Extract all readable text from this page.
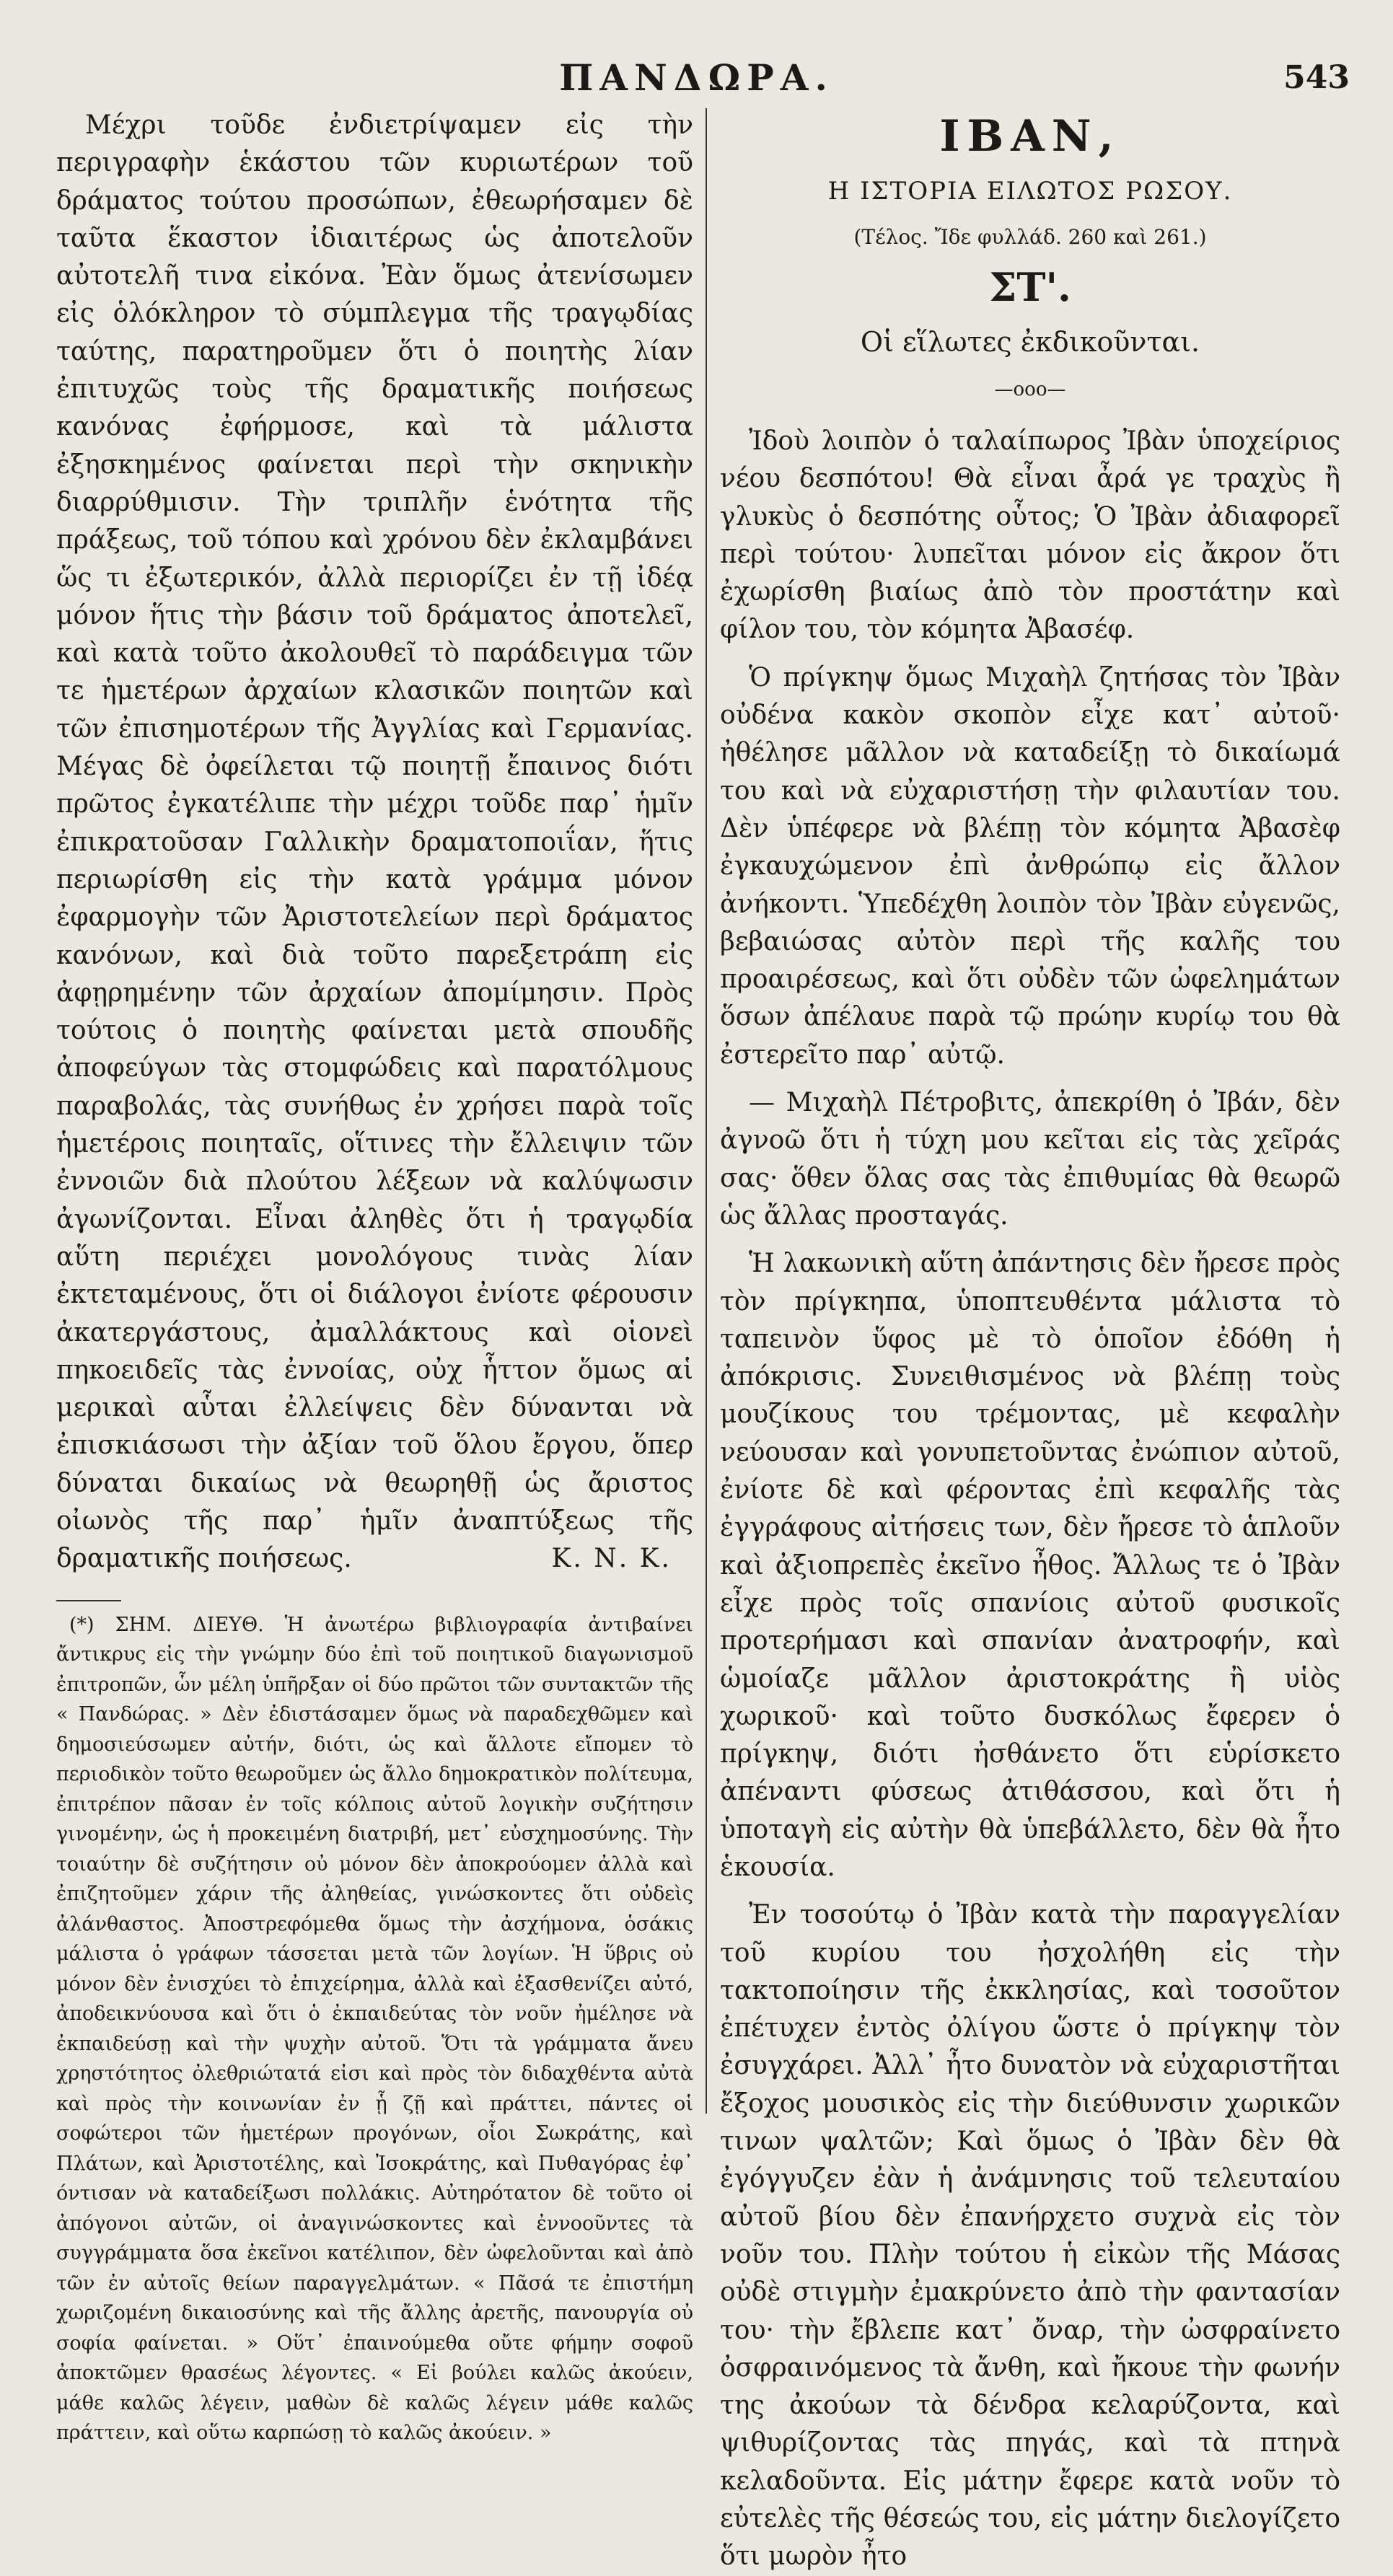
ΠΑΝΔΩΡΑ.	543

Μέχρι τοῦδε ἐνδιετρίψαμεν εἰς τὴν περιγραφὴν ἑκάστου τῶν κυριωτέρων τοῦ δράματος τούτου προσώπων, ἐθεωρήσαμεν δὲ ταῦτα ἕκαστον ἰδιαιτέρως ὡς ἀποτελοῦν αὐτοτελῆ τινα εἰκόνα. Ἐὰν ὅμως ἀτενίσωμεν εἰς ὁλόκληρον τὸ σύμπλεγμα τῆς τραγῳδίας ταύτης, παρατηροῦμεν ὅτι ὁ ποιητὴς λίαν ἐπιτυχῶς τοὺς τῆς δραματικῆς ποιήσεως κανόνας ἐφήρμοσε, καὶ τὰ μάλιστα ἐξησκημένος φαίνεται περὶ τὴν σκηνικὴν διαρρύθμισιν. Τὴν τριπλῆν ἑνότητα τῆς πράξεως, τοῦ τόπου καὶ χρόνου δὲν ἐκλαμβάνει ὥς τι ἐξωτερικόν, ἀλλὰ περιορίζει ἐν τῇ ἰδέᾳ μόνον ἥτις τὴν βάσιν τοῦ δράματος ἀποτελεῖ, καὶ κατὰ τοῦτο ἀκολουθεῖ τὸ παράδειγμα τῶν τε ἡμετέρων ἀρχαίων κλασικῶν ποιητῶν καὶ τῶν ἐπισημοτέρων τῆς Ἀγγλίας καὶ Γερμανίας. Μέγας δὲ ὀφείλεται τῷ ποιητῇ ἔπαινος διότι πρῶτος ἐγκατέλιπε τὴν μέχρι τοῦδε παρ᾽ ἡμῖν ἐπικρατοῦσαν Γαλλικὴν δραματοποιΐαν, ἥτις περιωρίσθη εἰς τὴν κατὰ γράμμα μόνον ἐφαρμογὴν τῶν Ἀριστοτελείων περὶ δράματος κανόνων, καὶ διὰ τοῦτο παρεξετράπη εἰς ἀφῃρημένην τῶν ἀρχαίων ἀπομίμησιν. Πρὸς τούτοις ὁ ποιητὴς φαίνεται μετὰ σπουδῆς ἀποφεύγων τὰς στομφώδεις καὶ παρατόλμους παραβολάς, τὰς συνήθως ἐν χρήσει παρὰ τοῖς ἡμετέροις ποιηταῖς, οἵτινες τὴν ἔλλειψιν τῶν ἐννοιῶν διὰ πλούτου λέξεων νὰ καλύψωσιν ἀγωνίζονται. Εἶναι ἀληθὲς ὅτι ἡ τραγῳδία αὕτη περιέχει μονολόγους τινὰς λίαν ἐκτεταμένους, ὅτι οἱ διάλογοι ἐνίοτε φέρουσιν ἀκατεργάστους, ἀμαλλάκτους καὶ οἱονεὶ πηκοειδεῖς τὰς ἐννοίας, οὐχ ἧττον ὅμως αἱ μερικαὶ αὗται ἐλλείψεις δὲν δύνανται νὰ ἐπισκιάσωσι τὴν ἀξίαν τοῦ ὅλου ἔργου, ὅπερ δύναται δικαίως νὰ θεωρηθῇ ὡς ἄριστος οἰωνὸς τῆς παρ᾽ ἡμῖν ἀναπτύξεως τῆς δραματικῆς ποιήσεως.	Κ. Ν. Κ.

(*) ΣΗΜ. ΔΙΕΥΘ. Ἡ ἀνωτέρω βιβλιογραφία ἀντιβαίνει ἄντικρυς εἰς τὴν γνώμην δύο ἐπὶ τοῦ ποιητικοῦ διαγωνισμοῦ ἐπιτροπῶν, ὧν μέλη ὑπῆρξαν οἱ δύο πρῶτοι τῶν συντακτῶν τῆς « Πανδώρας. » Δὲν ἐδιστάσαμεν ὅμως νὰ παραδεχθῶμεν καὶ δημοσιεύσωμεν αὐτήν, διότι, ὡς καὶ ἄλλοτε εἴπομεν τὸ περιοδικὸν τοῦτο θεωροῦμεν ὡς ἄλλο δημοκρατικὸν πολίτευμα, ἐπιτρέπον πᾶσαν ἐν τοῖς κόλποις αὐτοῦ λογικὴν συζήτησιν γινομένην, ὡς ἡ προκειμένη διατριβή, μετ᾽ εὐσχημοσύνης. Τὴν τοιαύτην δὲ συζήτησιν οὐ μόνον δὲν ἀποκρούομεν ἀλλὰ καὶ ἐπιζητοῦμεν χάριν τῆς ἀληθείας, γινώσκοντες ὅτι οὐδεὶς ἀλάνθαστος. Ἀποστρεφόμεθα ὅμως τὴν ἀσχήμονα, ὁσάκις μάλιστα ὁ γράφων τάσσεται μετὰ τῶν λογίων. Ἡ ὕβρις οὐ μόνον δὲν ἐνισχύει τὸ ἐπιχείρημα, ἀλλὰ καὶ ἐξασθενίζει αὐτό, ἀποδεικνύουσα καὶ ὅτι ὁ ἐκπαιδεύτας τὸν νοῦν ἠμέλησε νὰ ἐκπαιδεύσῃ καὶ τὴν ψυχὴν αὐτοῦ. Ὅτι τὰ γράμματα ἄνευ χρηστότητος ὀλεθριώτατά εἰσι καὶ πρὸς τὸν διδαχθέντα αὐτὰ καὶ πρὸς τὴν κοινωνίαν ἐν ᾗ ζῇ καὶ πράττει, πάντες οἱ σοφώτεροι τῶν ἡμετέρων προγόνων, οἷοι Σωκράτης, καὶ Πλάτων, καὶ Ἀριστοτέλης, καὶ Ἰσοκράτης, καὶ Πυθαγόρας ἐφ᾽ όντισαν νὰ καταδείξωσι πολλάκις. Αὐτηρότατον δὲ τοῦτο οἱ ἀπόγονοι αὐτῶν, οἱ ἀναγινώσκοντες καὶ ἐννοοῦντες τὰ συγγράμματα ὅσα ἐκεῖνοι κατέλιπον, δὲν ὠφελοῦνται καὶ ἀπὸ τῶν ἐν αὐτοῖς θείων παραγγελμάτων. « Πᾶσά τε ἐπιστήμη χωριζομένη δικαιοσύνης καὶ τῆς ἄλλης ἀρετῆς, πανουργία οὐ σοφία φαίνεται. » Οὕτ᾽ ἐπαινούμεθα οὔτε φήμην σοφοῦ ἀποκτῶμεν θρασέως λέγοντες. « Εἰ βούλει καλῶς ἀκούειν, μάθε καλῶς λέγειν, μαθὼν δὲ καλῶς λέγειν μάθε καλῶς πράττειν, καὶ οὕτω καρπώσῃ τὸ καλῶς ἀκούειν. »

ΙΒΑΝ,
Η ΙΣΤΟΡΙΑ ΕΙΛΩΤΟΣ ΡΩΣΟΥ.
(Τέλος. Ἴδε φυλλάδ. 260 καὶ 261.)
ΣΤ'.
Οἱ εἵλωτες ἐκδικοῦνται.
—οοο—

Ἰδοὺ λοιπὸν ὁ ταλαίπωρος Ἰβὰν ὑποχείριος νέου δεσπότου! Θὰ εἶναι ἆρά γε τραχὺς ἢ γλυκὺς ὁ δεσπότης οὗτος; Ὁ Ἰβὰν ἀδιαφορεῖ περὶ τούτου· λυπεῖται μόνον εἰς ἄκρον ὅτι ἐχωρίσθη βιαίως ἀπὸ τὸν προστάτην καὶ φίλον του, τὸν κόμητα Ἀβασέφ.

Ὁ πρίγκηψ ὅμως Μιχαὴλ ζητήσας τὸν Ἰβὰν οὐδένα κακὸν σκοπὸν εἶχε κατ᾽ αὐτοῦ· ἠθέλησε μᾶλλον νὰ καταδείξῃ τὸ δικαίωμά του καὶ νὰ εὐχαριστήσῃ τὴν φιλαυτίαν του. Δὲν ὑπέφερε νὰ βλέπῃ τὸν κόμητα Ἀβασὲφ ἐγκαυχώμενον ἐπὶ ἀνθρώπῳ εἰς ἄλλον ἀνήκοντι. Ὑπεδέχθη λοιπὸν τὸν Ἰβὰν εὐγενῶς, βεβαιώσας αὐτὸν περὶ τῆς καλῆς του προαιρέσεως, καὶ ὅτι οὐδὲν τῶν ὠφελημάτων ὅσων ἀπέλαυε παρὰ τῷ πρώην κυρίῳ του θὰ ἐστερεῖτο παρ᾽ αὐτῷ.

— Μιχαὴλ Πέτροβιτς, ἀπεκρίθη ὁ Ἰβάν, δὲν ἀγνοῶ ὅτι ἡ τύχη μου κεῖται εἰς τὰς χεῖράς σας· ὅθεν ὅλας σας τὰς ἐπιθυμίας θὰ θεωρῶ ὡς ἄλλας προσταγάς.

Ἡ λακωνικὴ αὕτη ἀπάντησις δὲν ἤρεσε πρὸς τὸν πρίγκηπα, ὑποπτευθέντα μάλιστα τὸ ταπεινὸν ὕφος μὲ τὸ ὁποῖον ἐδόθη ἡ ἀπόκρισις. Συνειθισμένος νὰ βλέπῃ τοὺς μουζίκους του τρέμοντας, μὲ κεφαλὴν νεύουσαν καὶ γονυπετοῦντας ἐνώπιον αὐτοῦ, ἐνίοτε δὲ καὶ φέροντας ἐπὶ κεφαλῆς τὰς ἐγγράφους αἰτήσεις των, δὲν ἤρεσε τὸ ἁπλοῦν καὶ ἀξιοπρεπὲς ἐκεῖνο ἦθος. Ἄλλως τε ὁ Ἰβὰν εἶχε πρὸς τοῖς σπανίοις αὐτοῦ φυσικοῖς προτερήμασι καὶ σπανίαν ἀνατροφήν, καὶ ὡμοίαζε μᾶλλον ἀριστοκράτης ἢ υἱὸς χωρικοῦ· καὶ τοῦτο δυσκόλως ἔφερεν ὁ πρίγκηψ, διότι ἠσθάνετο ὅτι εὑρίσκετο ἀπέναντι φύσεως ἀτιθάσσου, καὶ ὅτι ἡ ὑποταγὴ εἰς αὐτὴν θὰ ὑπεβάλλετο, δὲν θὰ ἦτο ἑκουσία.

Ἐν τοσούτῳ ὁ Ἰβὰν κατὰ τὴν παραγγελίαν τοῦ κυρίου του ἠσχολήθη εἰς τὴν τακτοποίησιν τῆς ἐκκλησίας, καὶ τοσοῦτον ἐπέτυχεν ἐντὸς ὀλίγου ὥστε ὁ πρίγκηψ τὸν ἐσυγχάρει. Ἀλλ᾽ ἦτο δυνατὸν νὰ εὐχαριστῆται ἔξοχος μουσικὸς εἰς τὴν διεύθυνσιν χωρικῶν τινων ψαλτῶν; Καὶ ὅμως ὁ Ἰβὰν δὲν θὰ ἐγόγγυζεν ἐὰν ἡ ἀνάμνησις τοῦ τελευταίου αὐτοῦ βίου δὲν ἐπανήρχετο συχνὰ εἰς τὸν νοῦν του. Πλὴν τούτου ἡ εἰκὼν τῆς Μάσας οὐδὲ στιγμὴν ἐμακρύνετο ἀπὸ τὴν φαντασίαν του· τὴν ἔβλεπε κατ᾽ ὄναρ, τὴν ὠσφραίνετο ὀσφραινόμενος τὰ ἄνθη, καὶ ἤκουε τὴν φωνήν της ἀκούων τὰ δένδρα κελαρύζοντα, καὶ ψιθυρίζοντας τὰς πηγάς, καὶ τὰ πτηνὰ κελαδοῦντα. Εἰς μάτην ἔφερε κατὰ νοῦν τὸ εὐτελὲς τῆς θέσεώς του, εἰς μάτην διελογίζετο ὅτι μωρὸν ἦτο
